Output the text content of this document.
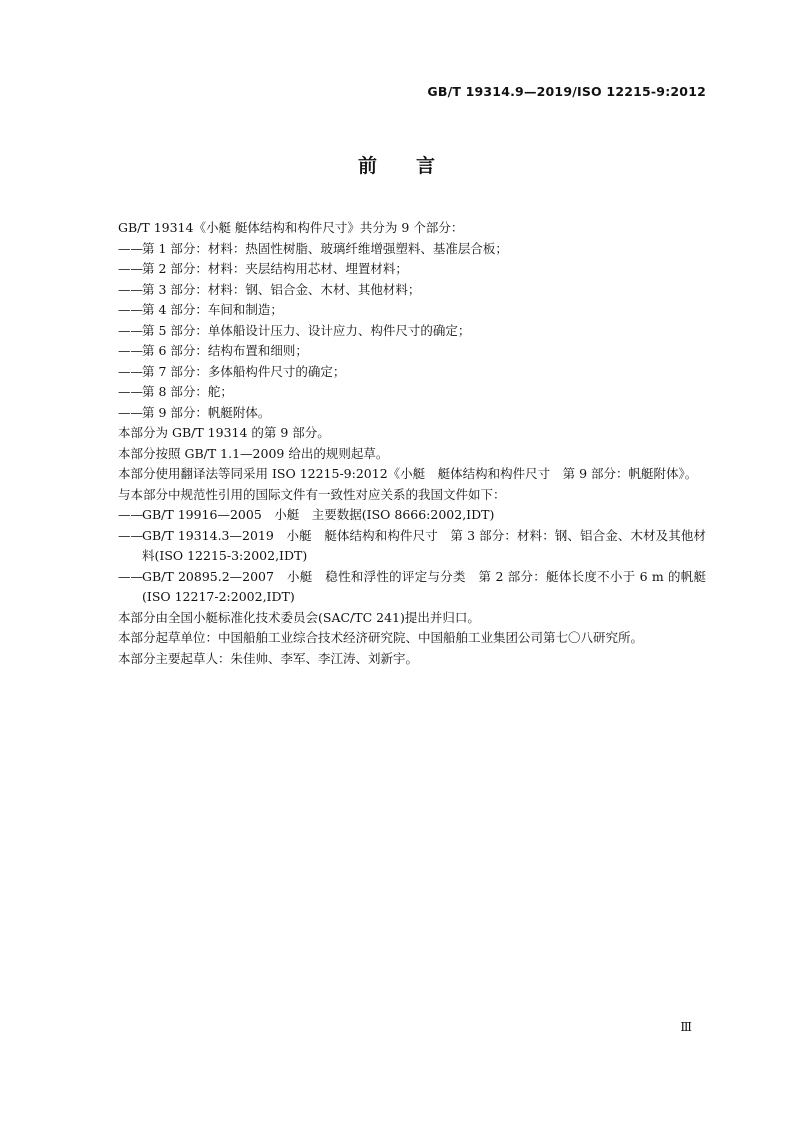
GB/T 19314.9—2019/ISO 12215-9:2012
前 言

GB/T 19314《小艇 艇体结构和构件尺寸》共分为 9 个部分：

——第 1 部分：材料：热固性树脂、玻璃纤维增强塑料、基准层合板；

——第 2 部分：材料：夹层结构用芯材、埋置材料；

——第 3 部分：材料：钢、铝合金、木材、其他材料；

——第 4 部分：车间和制造；

——第 5 部分：单体船设计压力、设计应力、构件尺寸的确定；

——第 6 部分：结构布置和细则；

——第 7 部分：多体船构件尺寸的确定；

——第 8 部分：舵；

——第 9 部分：帆艇附体。

本部分为 GB/T 19314 的第 9 部分。

本部分按照 GB/T 1.1—2009 给出的规则起草。

本部分使用翻译法等同采用 ISO 12215-9:2012《小艇　艇体结构和构件尺寸　第 9 部分：帆艇附体》。

与本部分中规范性引用的国际文件有一致性对应关系的我国文件如下：

——GB/T 19916—2005　小艇　主要数据(ISO 8666:2002,IDT)

——GB/T 19314.3—2019　小艇　艇体结构和构件尺寸　第 3 部分：材料：钢、铝合金、木材及其他材料(ISO 12215-3:2002,IDT)

——GB/T 20895.2—2007　小艇　稳性和浮性的评定与分类　第 2 部分：艇体长度不小于 6 m 的帆艇(ISO 12217-2:2002,IDT)

本部分由全国小艇标准化技术委员会(SAC/TC 241)提出并归口。

本部分起草单位：中国船舶工业综合技术经济研究院、中国船舶工业集团公司第七〇八研究所。

本部分主要起草人：朱佳帅、李军、李江涛、刘新宇。

Ⅲ
